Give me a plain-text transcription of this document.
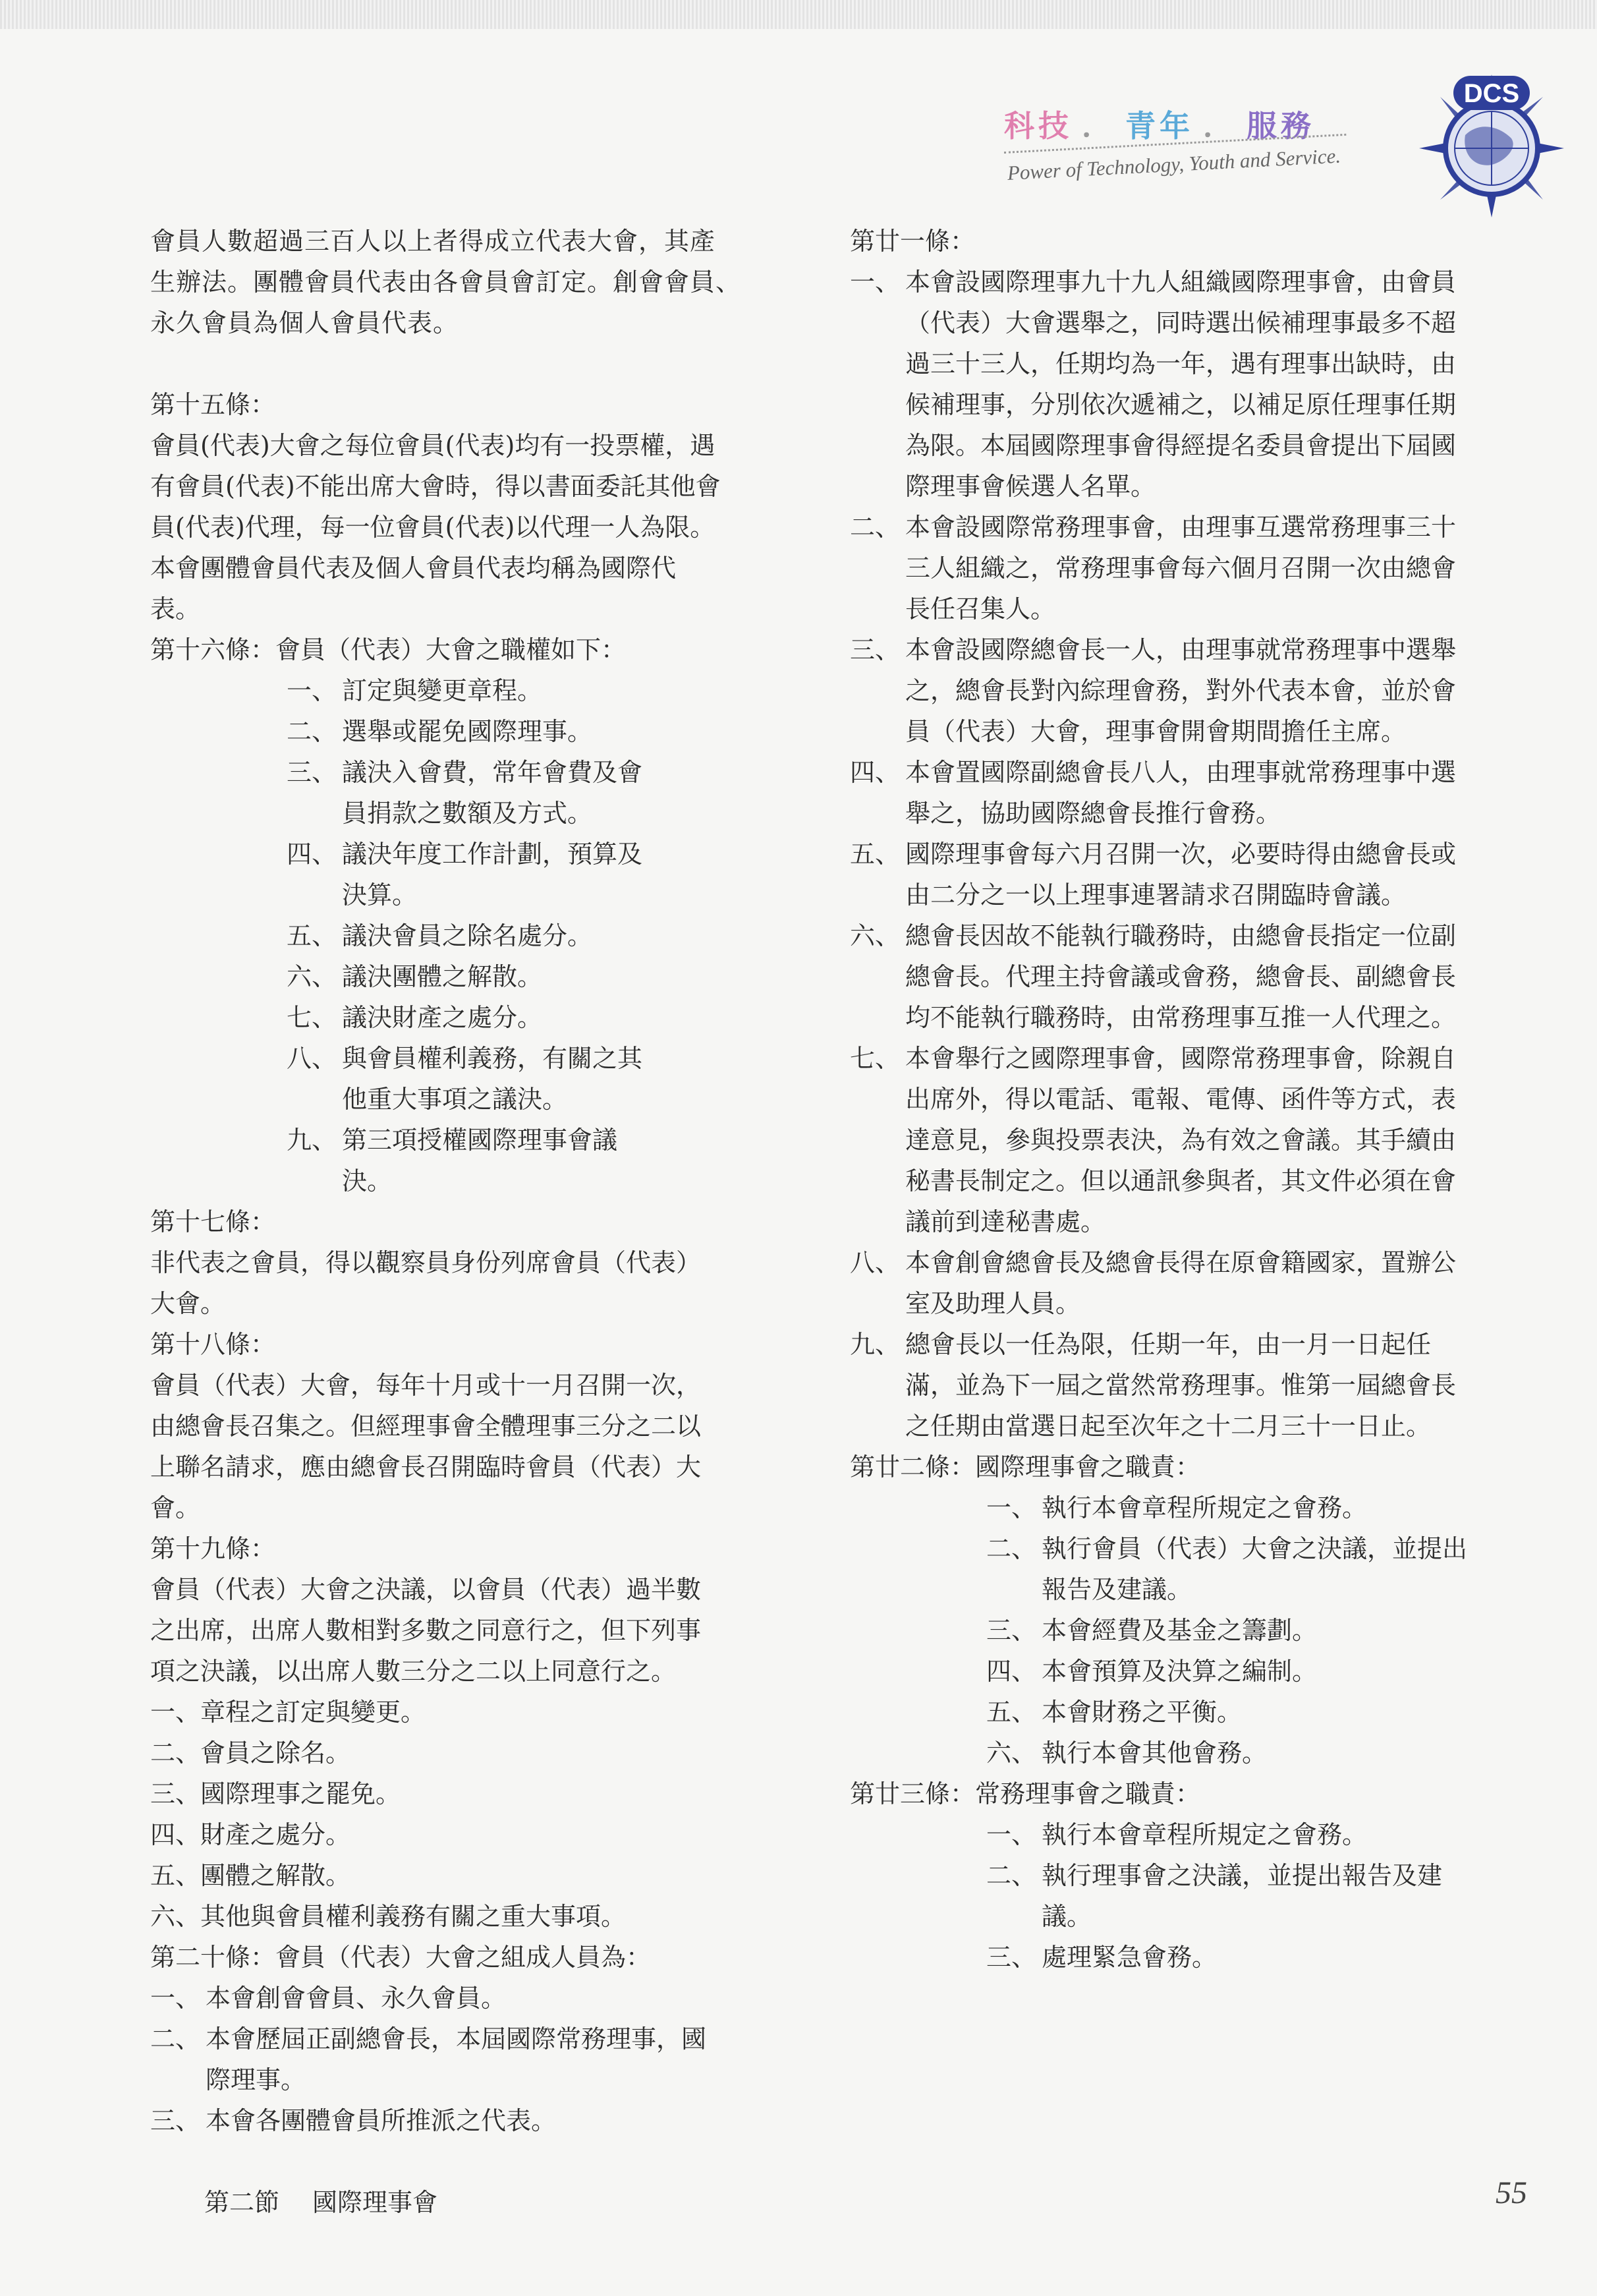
科技 ． 青年 ． 服務
Power of Technology, Youth and Service.
DCS

會員人數超過三百人以上者得成立代表大會，其產

生辦法。團體會員代表由各會員會訂定。創會會員、

永久會員為個人會員代表。

第十五條：

會員(代表)大會之每位會員(代表)均有一投票權，遇

有會員(代表)不能出席大會時，得以書面委託其他會

員(代表)代理，每一位會員(代表)以代理一人為限。

本會團體會員代表及個人會員代表均稱為國際代

表。

第十六條： 會員（代表）大會之職權如下：
一、 訂定與變更章程。
二、 選舉或罷免國際理事。
三、 議決入會費，常年會費及會員捐款之數額及方式。
四、 議決年度工作計劃，預算及決算。
五、 議決會員之除名處分。
六、 議決團體之解散。
七、 議決財產之處分。
八、 與會員權利義務，有關之其他重大事項之議決。
九、 第三項授權國際理事會議決。

第十七條：

非代表之會員，得以觀察員身份列席會員（代表）

大會。

第十八條：

會員（代表）大會，每年十月或十一月召開一次，

由總會長召集之。但經理事會全體理事三分之二以

上聯名請求，應由總會長召開臨時會員（代表）大

會。

第十九條：

會員（代表）大會之決議，以會員（代表）過半數

之出席，出席人數相對多數之同意行之，但下列事

項之決議，以出席人數三分之二以上同意行之。

一、章程之訂定與變更。

二、會員之除名。

三、國際理事之罷免。

四、財產之處分。

五、團體之解散。

六、其他與會員權利義務有關之重大事項。

第二十條： 會員（代表）大會之組成人員為：
一、 本會創會會員、永久會員。
二、 本會歷屆正副總會長，本屆國際常務理事，國際理事。
三、 本會各團體會員所推派之代表。
第二節 國際理事會

第廿一條：

一、 本會設國際理事九十九人組織國際理事會，由會員（代表）大會選舉之，同時選出候補理事最多不超過三十三人，任期均為一年，遇有理事出缺時，由候補理事，分別依次遞補之，以補足原任理事任期為限。本屆國際理事會得經提名委員會提出下屆國際理事會候選人名單。
二、 本會設國際常務理事會，由理事互選常務理事三十三人組織之，常務理事會每六個月召開一次由總會長任召集人。
三、 本會設國際總會長一人，由理事就常務理事中選舉之，總會長對內綜理會務，對外代表本會，並於會員（代表）大會，理事會開會期間擔任主席。
四、 本會置國際副總會長八人，由理事就常務理事中選舉之，協助國際總會長推行會務。
五、 國際理事會每六月召開一次，必要時得由總會長或由二分之一以上理事連署請求召開臨時會議。
六、 總會長因故不能執行職務時，由總會長指定一位副總會長。代理主持會議或會務，總會長、副總會長均不能執行職務時，由常務理事互推一人代理之。
七、 本會舉行之國際理事會，國際常務理事會，除親自出席外，得以電話、電報、電傳、函件等方式，表達意見，參與投票表決，為有效之會議。其手續由秘書長制定之。但以通訊參與者，其文件必須在會議前到達秘書處。
八、 本會創會總會長及總會長得在原會籍國家，置辦公室及助理人員。
九、 總會長以一任為限，任期一年，由一月一日起任滿，並為下一屆之當然常務理事。惟第一屆總會長之任期由當選日起至次年之十二月三十一日止。
第廿二條： 國際理事會之職責：
一、 執行本會章程所規定之會務。
二、 執行會員（代表）大會之決議，並提出報告及建議。
三、 本會經費及基金之籌劃。
四、 本會預算及決算之編制。
五、 本會財務之平衡。
六、 執行本會其他會務。
第廿三條： 常務理事會之職責：
一、 執行本會章程所規定之會務。
二、 執行理事會之決議，並提出報告及建議。
三、 處理緊急會務。
55
